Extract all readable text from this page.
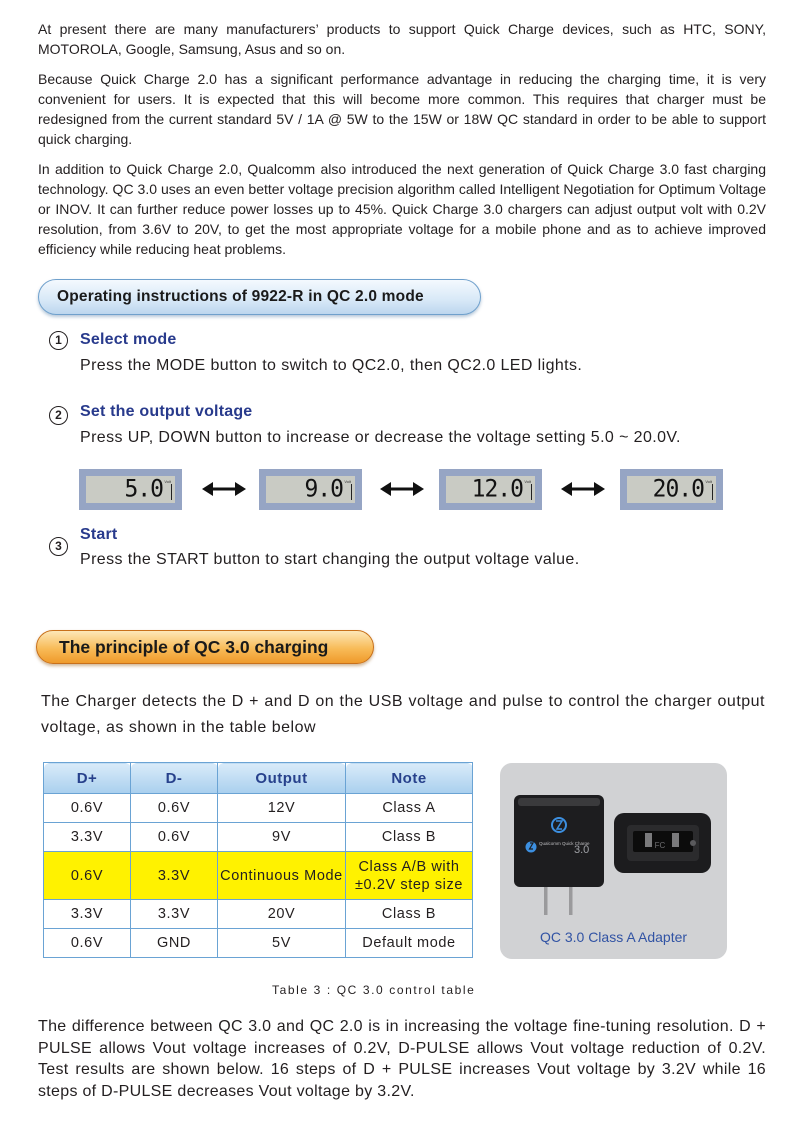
At present there are many manufacturers’ products to support Quick Charge devices, such as HTC, SONY, MOTOROLA, Google, Samsung, Asus and so on.

Because Quick Charge 2.0 has a significant performance advantage in reducing the charging time, it is very convenient for users. It is expected that this will become more common. This requires that charger must be redesigned from the current standard 5V / 1A @ 5W to the 15W or 18W QC standard in order to be able to support quick charging.

In addition to Quick Charge 2.0, Qualcomm also introduced the next generation of Quick Charge 3.0 fast charging technology. QC 3.0 uses an even better voltage precision algorithm called Intelligent Negotiation for Optimum Voltage or INOV. It can further reduce power losses up to 45%. Quick Charge 3.0 chargers can adjust output volt with 0.2V resolution, from 3.6V to 20V, to get the most appropriate voltage for a mobile phone and as to achieve improved efficiency while reducing heat problems.

Operating instructions of 9922-R in QC 2.0 mode
1	Select mode
Press the MODE button to switch to QC2.0, then QC2.0 LED lights.
2	Set the output voltage
Press UP, DOWN button to increase or decrease the voltage setting 5.0 ~ 20.0V.
5.0 Volt	9.0 Volt	12.0 Volt	20.0 Volt
3
Start
Press the START button to start changing the output voltage value.
The principle of QC 3.0 charging

The Charger detects the D + and D on the USB voltage and pulse to control the charger output voltage, as shown in the table below

D+	D-	Output	Note
0.6V	0.6V	12V	Class A
3.3V	0.6V	9V	Class B
0.6V	3.3V	Continuous Mode	Class A/B with ±0.2V step size
3.3V	3.3V	20V	Class B
0.6V	GND	5V	Default mode
Qualcomm Quick Charge
3.0	FC
QC 3.0 Class A Adapter
Table 3 : QC 3.0 control table

The difference between QC 3.0 and QC 2.0 is in increasing the voltage fine-tuning resolution. D + PULSE allows Vout voltage increases of 0.2V, D-PULSE allows Vout voltage reduction of 0.2V. Test results are shown below. 16 steps of D + PULSE increases Vout voltage by 3.2V while 16 steps of D-PULSE decreases Vout voltage by 3.2V.
